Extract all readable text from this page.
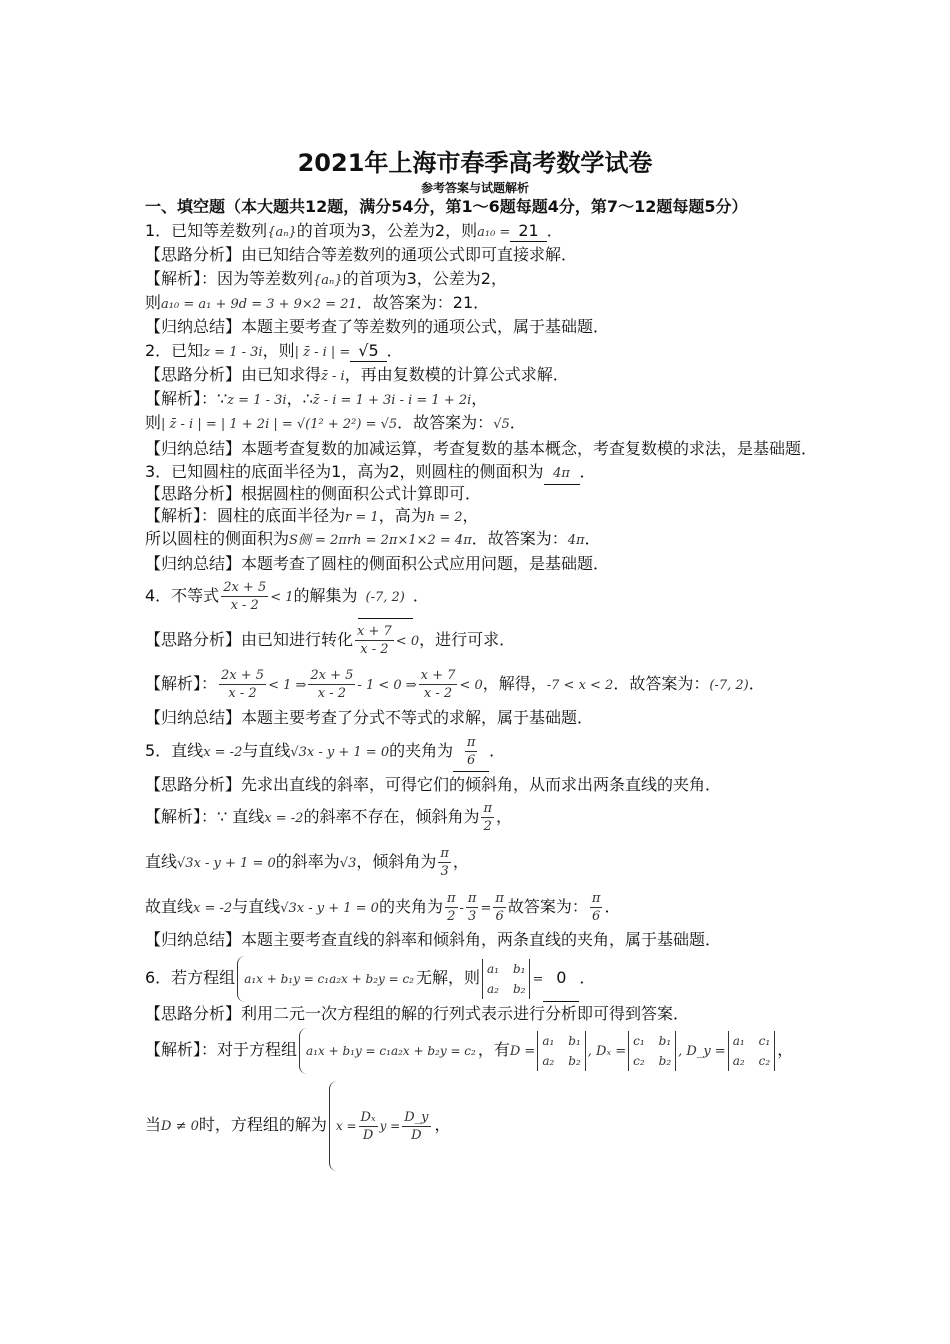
2021年上海市春季高考数学试卷
参考答案与试题解析
一、填空题（本大题共12题，满分54分，第1～6题每题4分，第7～12题每题5分）
1．已知等差数列{aₙ}的首项为3，公差为2，则a₁₀ = 21 ．
【思路分析】由已知结合等差数列的通项公式即可直接求解．
【解析】：因为等差数列{aₙ}的首项为3，公差为2，
则a₁₀ = a₁ + 9d = 3 + 9×2 = 21．故答案为：21．
【归纳总结】本题主要考查了等差数列的通项公式，属于基础题．
2．已知z = 1 - 3i，则| z̄ - i | = √5 ．
【思路分析】由已知求得z̄ - i，再由复数模的计算公式求解．
【解析】：∵z = 1 - 3i，∴z̄ - i = 1 + 3i - i = 1 + 2i，
则| z̄ - i | = | 1 + 2i | = √(1² + 2²) = √5．故答案为：√5．
【归纳总结】本题考查复数的加减运算，考查复数的基本概念，考查复数模的求法，是基础题．
3．已知圆柱的底面半径为1，高为2，则圆柱的侧面积为 4π ．
【思路分析】根据圆柱的侧面积公式计算即可．
【解析】：圆柱的底面半径为r = 1，高为h = 2，
所以圆柱的侧面积为S侧 = 2πrh = 2π×1×2 = 4π．故答案为：4π．
【归纳总结】本题考查了圆柱的侧面积公式应用问题，是基础题．
4．不等式 $\frac{2x + 5}{x - 2} < 1$的解集为 (-7, 2) ．
【思路分析】由已知进行转化 $\frac{x + 7}{x - 2} < 0$，进行可求．
【解析】： $\frac{2x + 5}{x - 2} < 1$ ⇒ $\frac{2x + 5}{x - 2} - 1 < 0$ ⇒ $\frac{x + 7}{x - 2} < 0$，解得，-7 < x < 2．故答案为：(-7, 2)．
【归纳总结】本题主要考查了分式不等式的求解，属于基础题．
5．直线x = -2与直线√3x - y + 1 = 0的夹角为 $\frac{\pi}{6}$ ．
【思路分析】先求出直线的斜率，可得它们的倾斜角，从而求出两条直线的夹角．
【解析】：∵ 直线x = -2的斜率不存在，倾斜角为 $\frac{\pi}{2}$ ，
直线√3x - y + 1 = 0的斜率为√3，倾斜角为 $\frac{\pi}{3}$ ，
故直线x = -2与直线√3x - y + 1 = 0的夹角为 $\frac{\pi}{2} - \frac{\pi}{3} = \frac{\pi}{6}$ 故答案为： $\frac{\pi}{6}$ ．
【归纳总结】本题主要考查直线的斜率和倾斜角，两条直线的夹角，属于基础题．
6．若方程组 a₁x + b₁y = c₁a₂x + b₂y = c₂ 无解，则 a₁ b₁
a₂ b₂
= 0 ．
【思路分析】利用二元一次方程组的解的行列式表示进行分析即可得到答案．
【解析】：对于方程组 a₁x + b₁y = c₁a₂x + b₂y = c₂ ，有D =
a₁ b₁
a₂ b₂
, Dₓ =
c₁ b₁
c₂ b₂
, D_y =
a₁ c₁
a₂ c₂
，
当D ≠ 0时，方程组的解为 $x = \frac{\text{Dₓ}}{D}$ $y = \frac{D\_y}{D}$ ，
